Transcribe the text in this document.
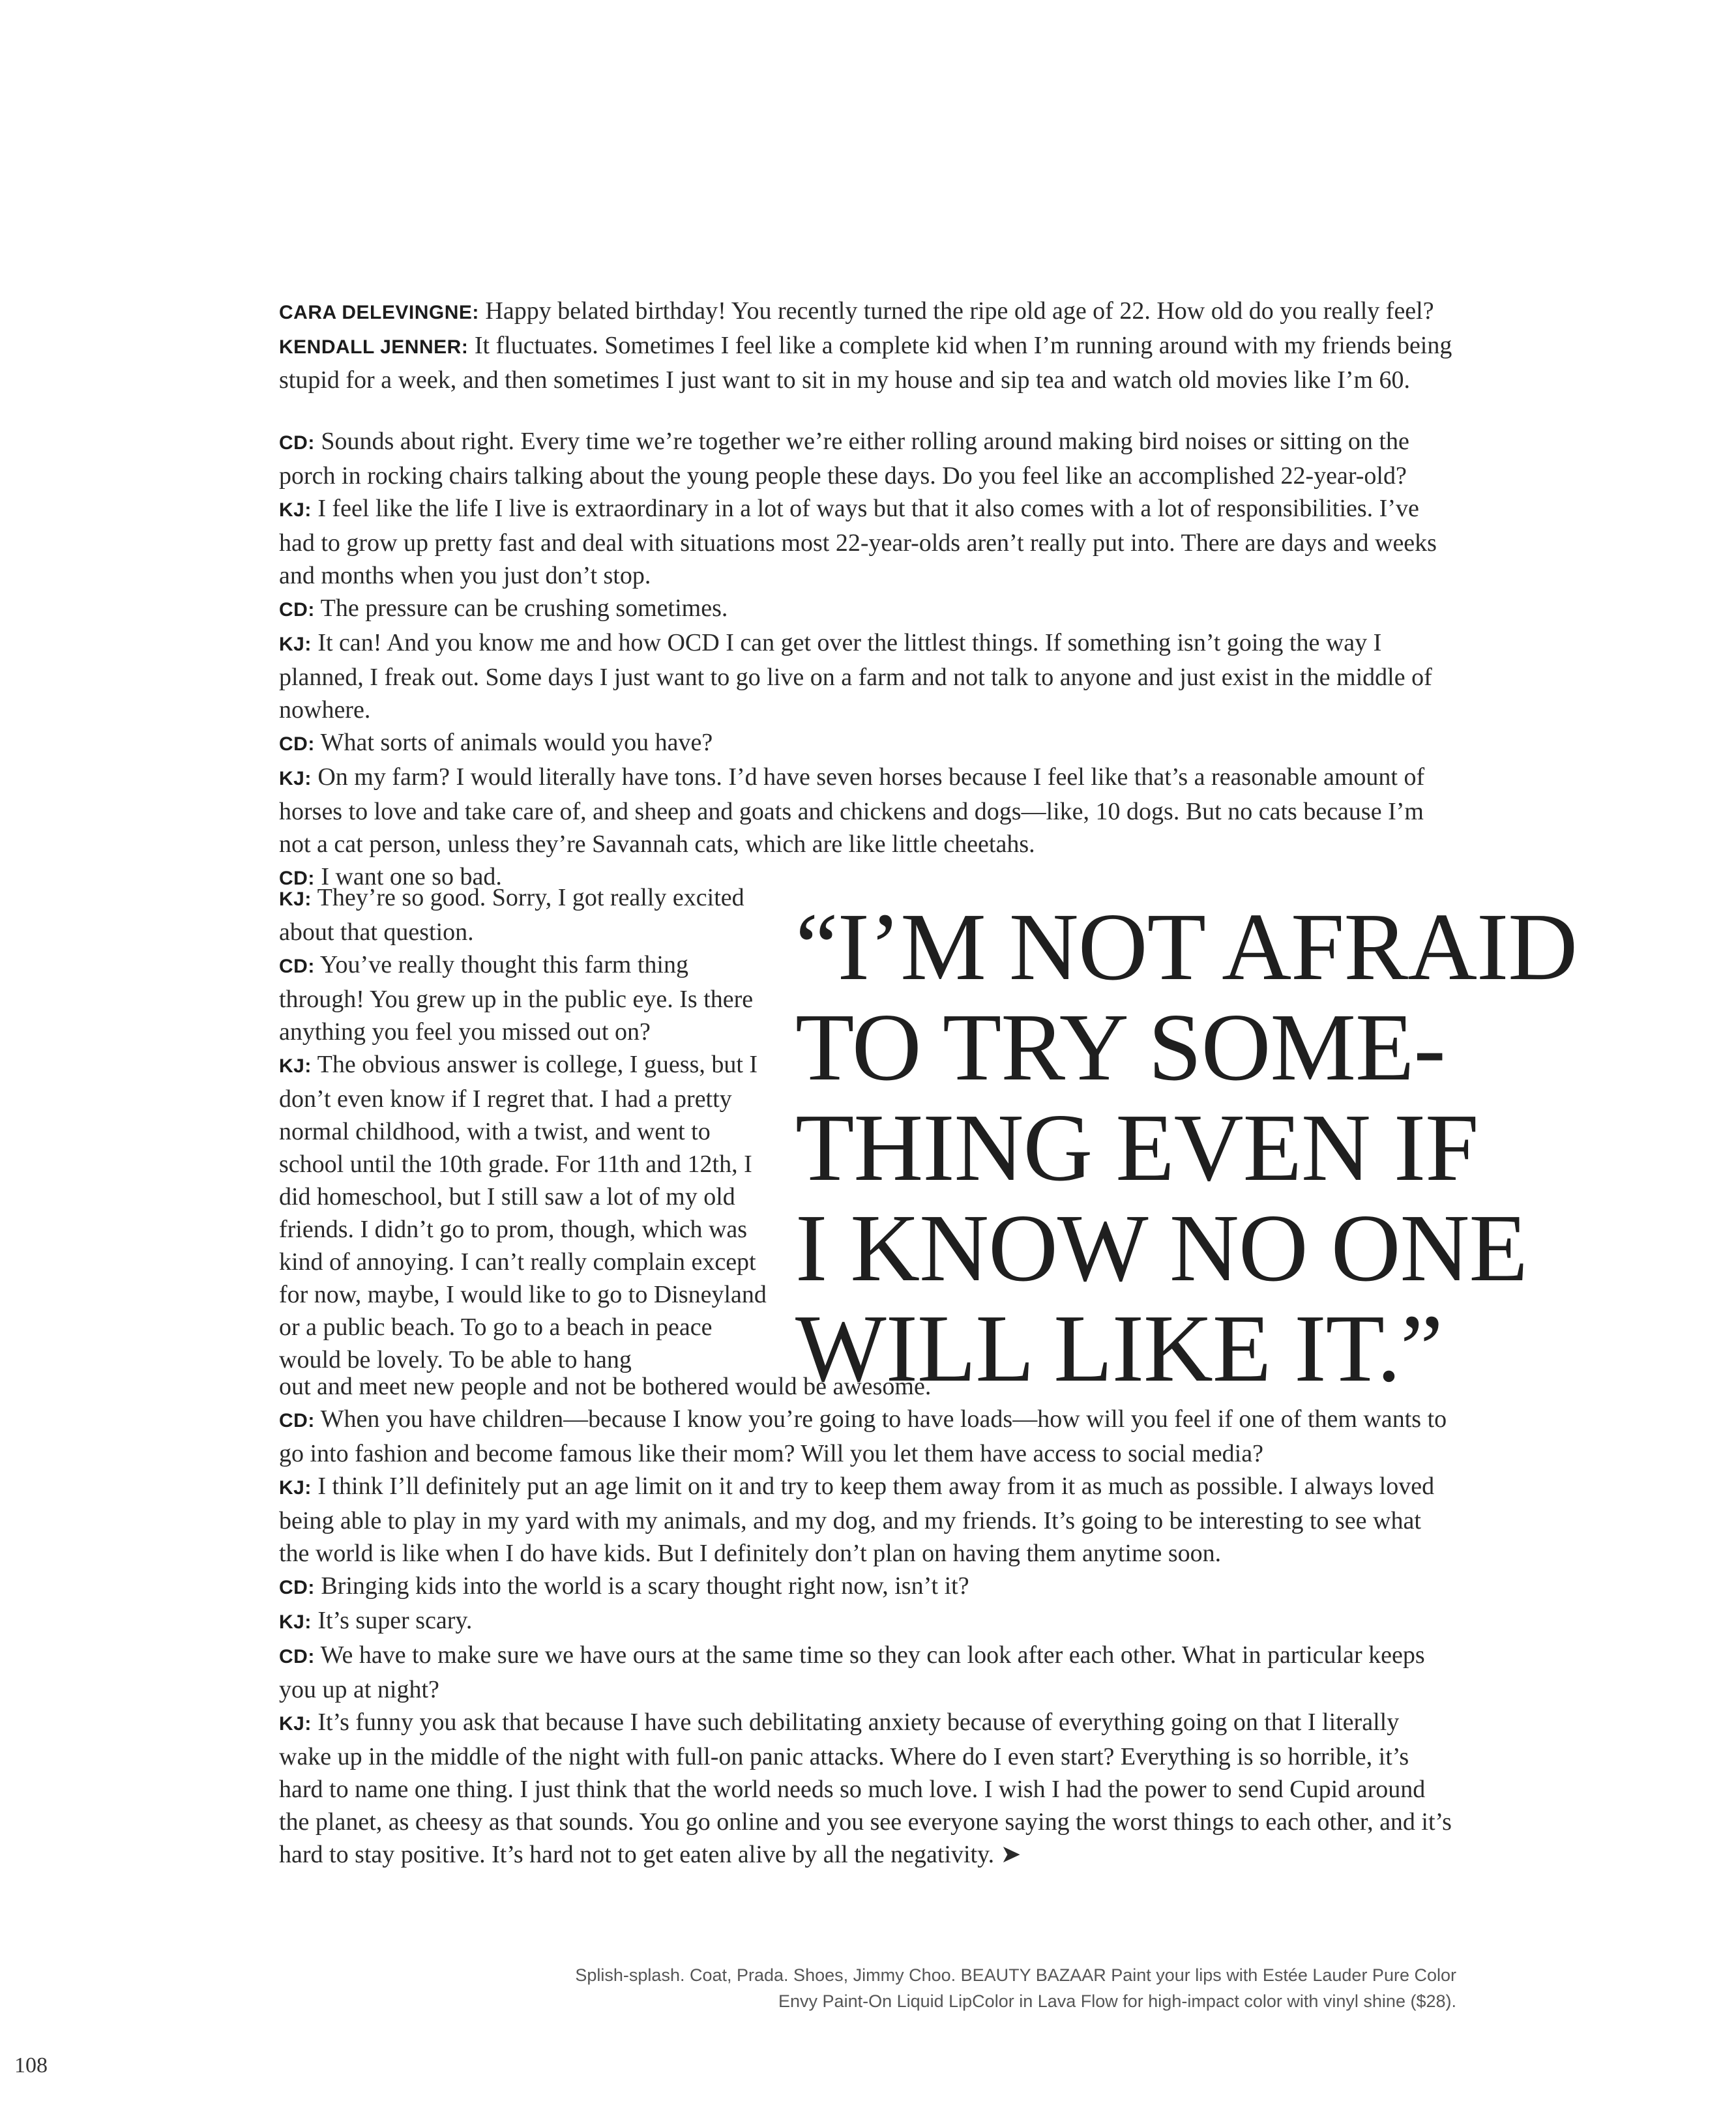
CARA DELEVINGNE: Happy belated birthday! You recently turned the ripe old age of 22. How old do you really feel?
KENDALL JENNER: It fluctuates. Sometimes I feel like a complete kid when I’m running around with my friends being stupid for a week, and then sometimes I just want to sit in my house and sip tea and watch old movies like I’m 60.
CD: Sounds about right. Every time we’re together we’re either rolling around making bird noises or sitting on the porch in rocking chairs talking about the young people these days. Do you feel like an accomplished 22-year-old?
KJ: I feel like the life I live is extraordinary in a lot of ways but that it also comes with a lot of responsibilities. I’ve had to grow up pretty fast and deal with situations most 22-year-olds aren’t really put into. There are days and weeks and months when you just don’t stop.
CD: The pressure can be crushing sometimes.
KJ: It can! And you know me and how OCD I can get over the littlest things. If something isn’t going the way I planned, I freak out. Some days I just want to go live on a farm and not talk to anyone and just exist in the middle of nowhere.
CD: What sorts of animals would you have?
KJ: On my farm? I would literally have tons. I’d have seven horses because I feel like that’s a reasonable amount of horses to love and take care of, and sheep and goats and chickens and dogs—like, 10 dogs. But no cats because I’m not a cat person, unless they’re Savannah cats, which are like little cheetahs.
CD: I want one so bad.
KJ: They’re so good. Sorry, I got really excited about that question.
CD: You’ve really thought this farm thing through! You grew up in the public eye. Is there anything you feel you missed out on?
KJ: The obvious answer is college, I guess, but I don’t even know if I regret that. I had a pretty normal childhood, with a twist, and went to school until the 10th grade. For 11th and 12th, I did homeschool, but I still saw a lot of my old friends. I didn’t go to prom, though, which was kind of annoying. I can’t really complain except for now, maybe, I would like to go to Disneyland or a public beach. To go to a beach in peace would be lovely. To be able to hang
“I’M NOT AFRAID
TO TRY SOME-
THING EVEN IF
I KNOW NO ONE
WILL LIKE IT.”
out and meet new people and not be bothered would be awesome.
CD: When you have children—because I know you’re going to have loads—how will you feel if one of them wants to go into fashion and become famous like their mom? Will you let them have access to social media?
KJ: I think I’ll definitely put an age limit on it and try to keep them away from it as much as possible. I always loved being able to play in my yard with my animals, and my dog, and my friends. It’s going to be interesting to see what the world is like when I do have kids. But I definitely don’t plan on having them anytime soon.
CD: Bringing kids into the world is a scary thought right now, isn’t it?
KJ: It’s super scary.
CD: We have to make sure we have ours at the same time so they can look after each other. What in particular keeps you up at night?
KJ: It’s funny you ask that because I have such debilitating anxiety because of everything going on that I literally wake up in the middle of the night with full-on panic attacks. Where do I even start? Everything is so horrible, it’s hard to name one thing. I just think that the world needs so much love. I wish I had the power to send Cupid around the planet, as cheesy as that sounds. You go online and you see everyone saying the worst things to each other, and it’s hard to stay positive. It’s hard not to get eaten alive by all the negativity. ➤
Splish-splash. Coat, Prada. Shoes, Jimmy Choo. BEAUTY BAZAAR Paint your lips with Estée Lauder Pure Color
Envy Paint-On Liquid LipColor in Lava Flow for high-impact color with vinyl shine ($28).
108
